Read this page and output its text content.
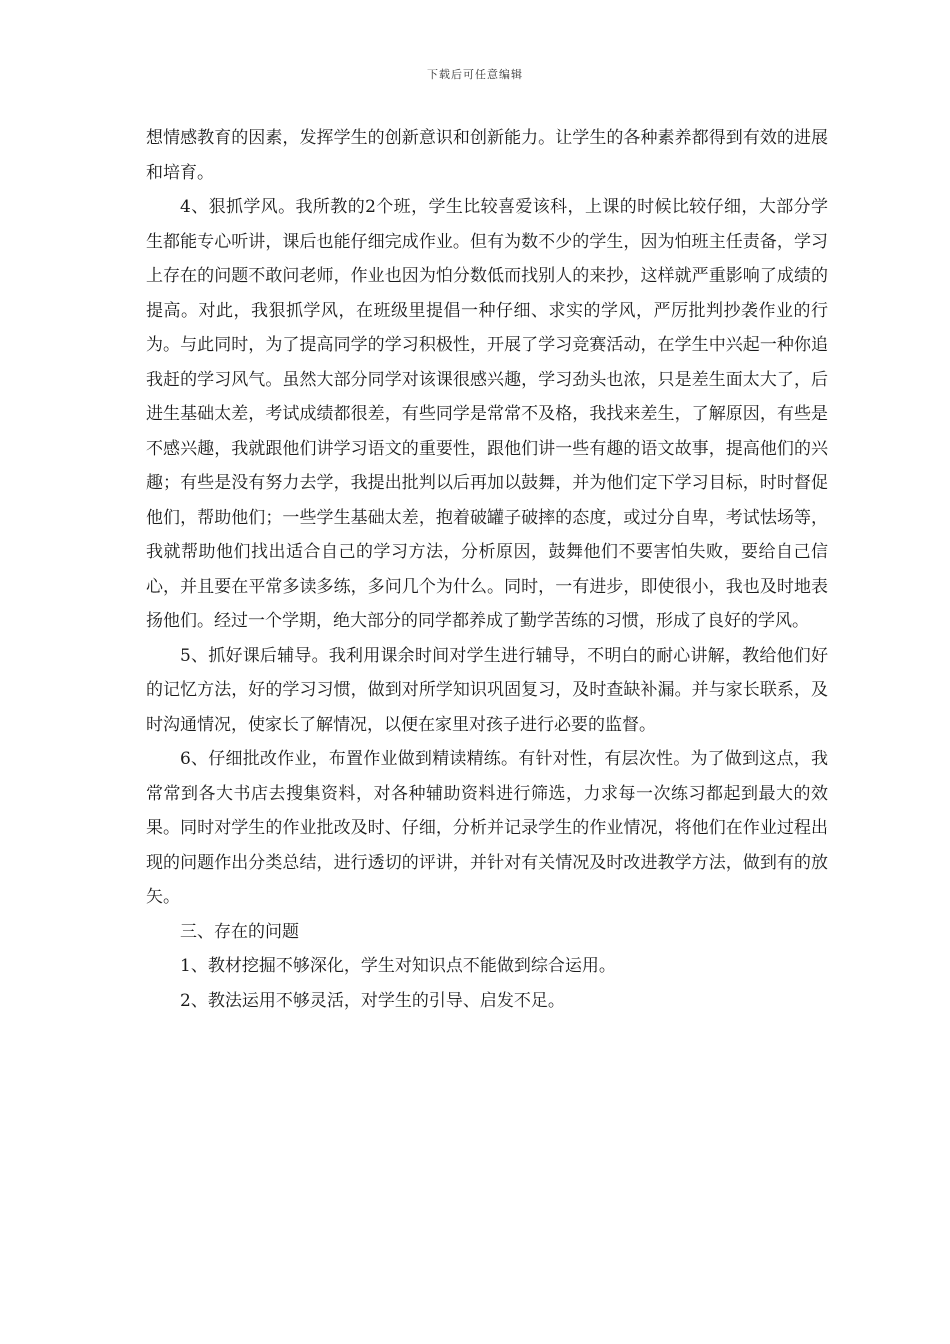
下载后可任意编辑

想情感教育的因素，发挥学生的创新意识和创新能力。让学生的各种素养都得到有效的进展和培育。

4、狠抓学风。我所教的2个班，学生比较喜爱该科，上课的时候比较仔细，大部分学生都能专心听讲，课后也能仔细完成作业。但有为数不少的学生，因为怕班主任责备，学习上存在的问题不敢问老师，作业也因为怕分数低而找别人的来抄，这样就严重影响了成绩的提高。对此，我狠抓学风，在班级里提倡一种仔细、求实的学风，严厉批判抄袭作业的行为。与此同时，为了提高同学的学习积极性，开展了学习竞赛活动，在学生中兴起一种你追我赶的学习风气。虽然大部分同学对该课很感兴趣，学习劲头也浓，只是差生面太大了，后进生基础太差，考试成绩都很差，有些同学是常常不及格，我找来差生，了解原因，有些是不感兴趣，我就跟他们讲学习语文的重要性，跟他们讲一些有趣的语文故事，提高他们的兴趣；有些是没有努力去学，我提出批判以后再加以鼓舞，并为他们定下学习目标，时时督促他们，帮助他们；一些学生基础太差，抱着破罐子破摔的态度，或过分自卑，考试怯场等，我就帮助他们找出适合自己的学习方法，分析原因，鼓舞他们不要害怕失败，要给自己信心，并且要在平常多读多练，多问几个为什么。同时，一有进步，即使很小，我也及时地表扬他们。经过一个学期，绝大部分的同学都养成了勤学苦练的习惯，形成了良好的学风。

5、抓好课后辅导。我利用课余时间对学生进行辅导，不明白的耐心讲解，教给他们好的记忆方法，好的学习习惯，做到对所学知识巩固复习，及时查缺补漏。并与家长联系，及时沟通情况，使家长了解情况，以便在家里对孩子进行必要的监督。

6、仔细批改作业，布置作业做到精读精练。有针对性，有层次性。为了做到这点，我常常到各大书店去搜集资料，对各种辅助资料进行筛选，力求每一次练习都起到最大的效果。同时对学生的作业批改及时、仔细，分析并记录学生的作业情况，将他们在作业过程出现的问题作出分类总结，进行透切的评讲，并针对有关情况及时改进教学方法，做到有的放矢。

三、存在的问题

1、教材挖掘不够深化，学生对知识点不能做到综合运用。

2、教法运用不够灵活，对学生的引导、启发不足。
